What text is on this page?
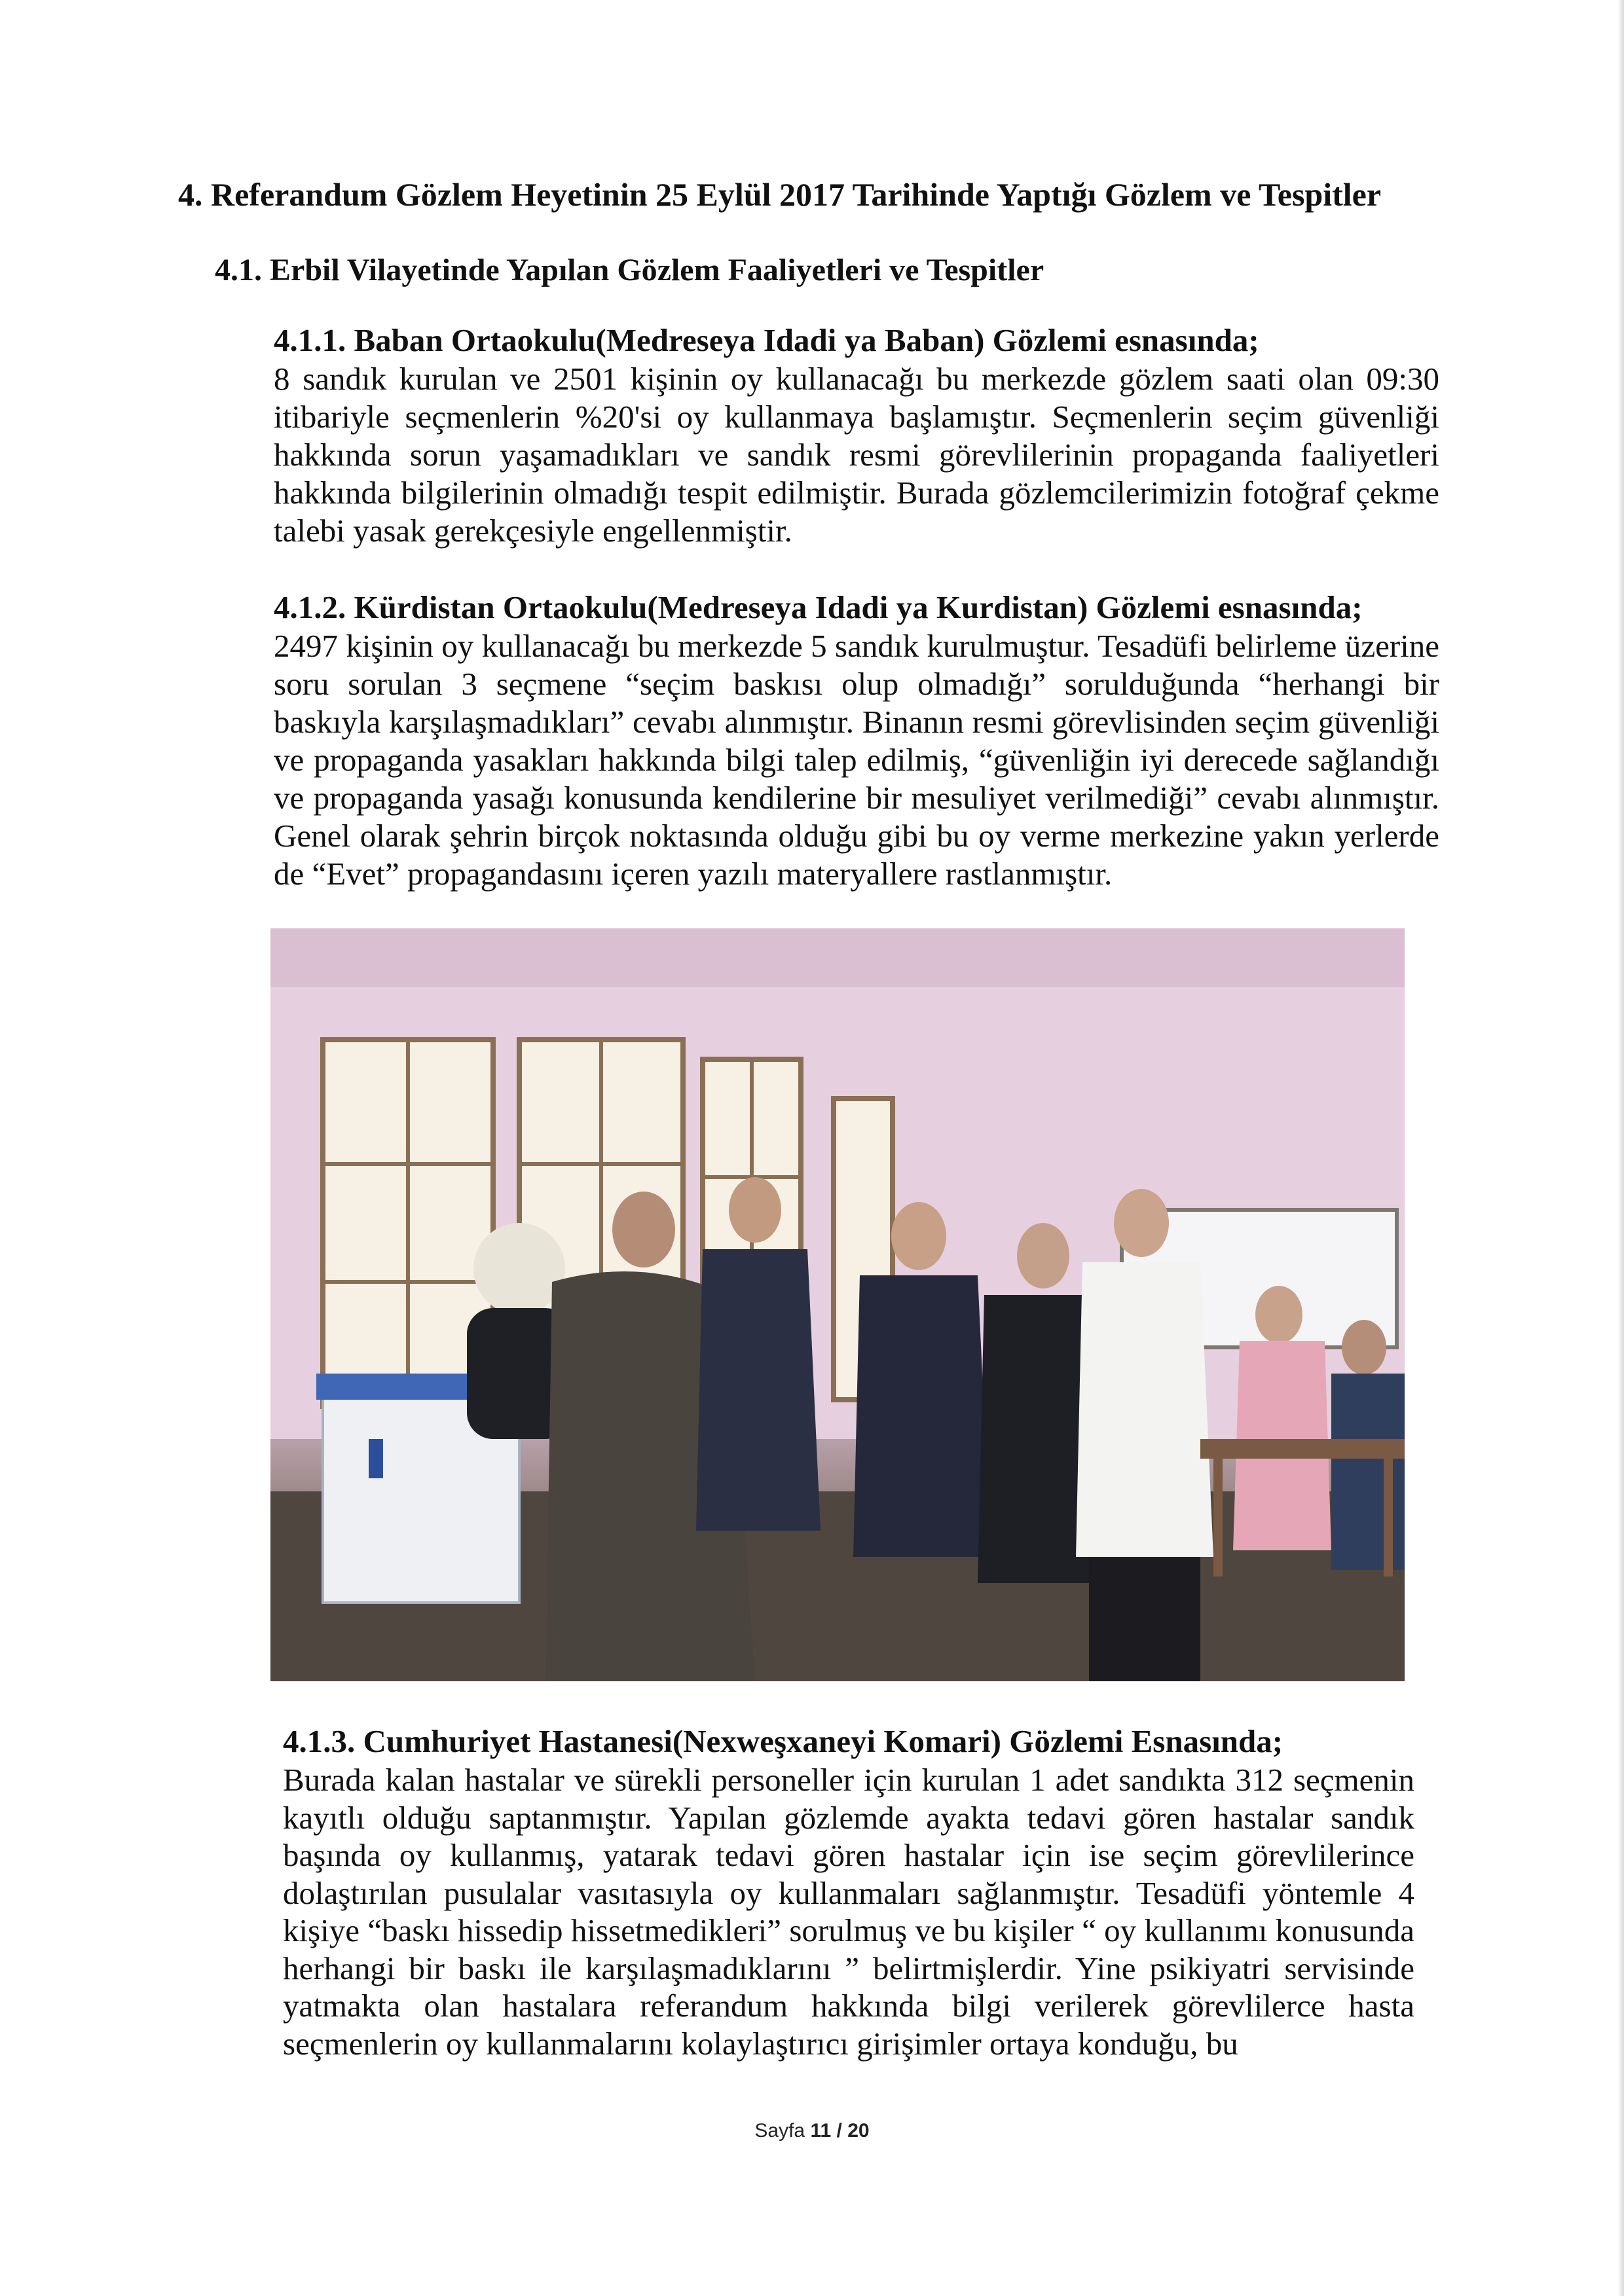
4. Referandum Gözlem Heyetinin 25 Eylül 2017 Tarihinde Yaptığı Gözlem ve Tespitler
4.1. Erbil Vilayetinde Yapılan Gözlem Faaliyetleri ve Tespitler
4.1.1. Baban Ortaokulu(Medreseya Idadi ya Baban) Gözlemi esnasında;

8 sandık kurulan ve 2501 kişinin oy kullanacağı bu merkezde gözlem saati olan 09:30 itibariyle seçmenlerin %20'si oy kullanmaya başlamıştır. Seçmenlerin seçim güvenliği hakkında sorun yaşamadıkları ve sandık resmi görevlilerinin propaganda faaliyetleri hakkında bilgilerinin olmadığı tespit edilmiştir. Burada gözlemcilerimizin fotoğraf çekme talebi yasak gerekçesiyle engellenmiştir.

4.1.2. Kürdistan Ortaokulu(Medreseya Idadi ya Kurdistan) Gözlemi esnasında;

2497 kişinin oy kullanacağı bu merkezde 5 sandık kurulmuştur. Tesadüfi belirleme üzerine soru sorulan 3 seçmene “seçim baskısı olup olmadığı” sorulduğunda “herhangi bir baskıyla karşılaşmadıkları” cevabı alınmıştır. Binanın resmi görevlisinden seçim güvenliği ve propaganda yasakları hakkında bilgi talep edilmiş, “güvenliğin iyi derecede sağlandığı ve propaganda yasağı konusunda kendilerine bir mesuliyet verilmediği” cevabı alınmıştır. Genel olarak şehrin birçok noktasında olduğu gibi bu oy verme merkezine yakın yerlerde de “Evet” propagandasını içeren yazılı materyallere rastlanmıştır.

4.1.3. Cumhuriyet Hastanesi(Nexweşxaneyi Komari) Gözlemi Esnasında;

Burada kalan hastalar ve sürekli personeller için kurulan 1 adet sandıkta 312 seçmenin kayıtlı olduğu saptanmıştır. Yapılan gözlemde ayakta tedavi gören hastalar sandık başında oy kullanmış, yatarak tedavi gören hastalar için ise seçim görevlilerince dolaştırılan pusulalar vasıtasıyla oy kullanmaları sağlanmıştır. Tesadüfi yöntemle 4 kişiye “baskı hissedip hissetmedikleri” sorulmuş ve bu kişiler “ oy kullanımı konusunda herhangi bir baskı ile karşılaşmadıklarını ” belirtmişlerdir. Yine psikiyatri servisinde yatmakta olan hastalara referandum hakkında bilgi verilerek görevlilerce hasta seçmenlerin oy kullanmalarını kolaylaştırıcı girişimler ortaya konduğu, bu

Sayfa 11 / 20
